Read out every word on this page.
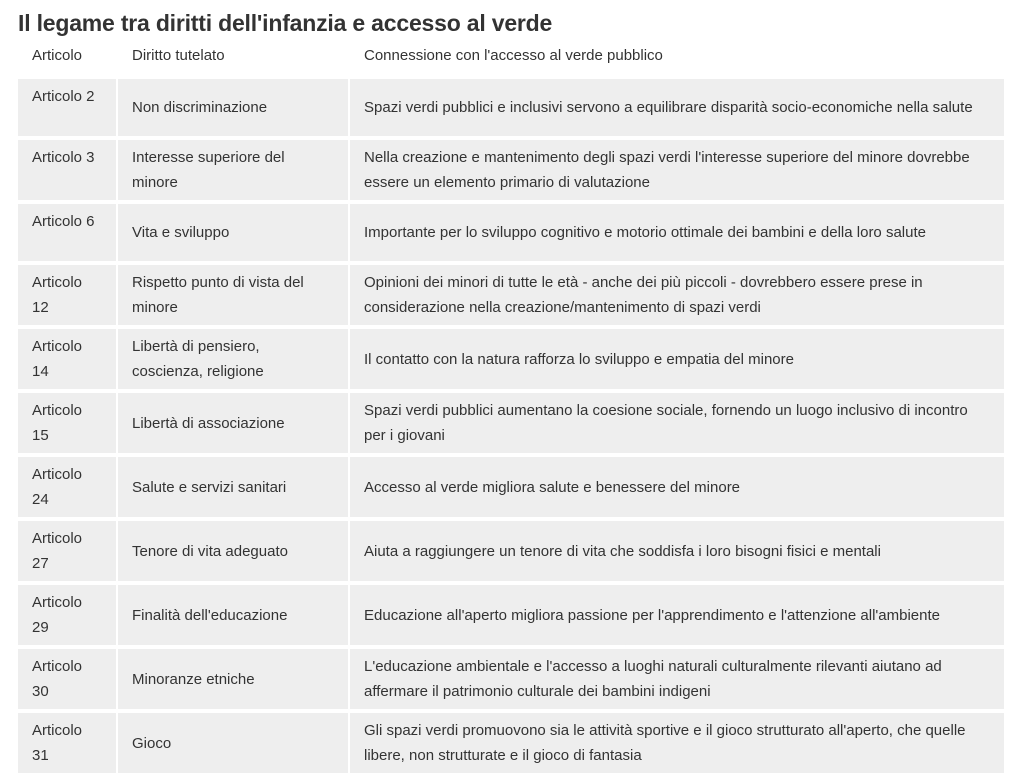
Il legame tra diritti dell'infanzia e accesso al verde
Articolo	Diritto tutelato	Connessione con l'accesso al verde pubblico
Articolo 2	Non discriminazione	Spazi verdi pubblici e inclusivi servono a equilibrare disparità socio-economiche nella salute
Articolo 3	Interesse superiore del minore	Nella creazione e mantenimento degli spazi verdi l'interesse superiore del minore dovrebbe essere un elemento primario di valutazione
Articolo 6	Vita e sviluppo	Importante per lo sviluppo cognitivo e motorio ottimale dei bambini e della loro salute
Articolo 12	Rispetto punto di vista del minore	Opinioni dei minori di tutte le età - anche dei più piccoli - dovrebbero essere prese in considerazione nella creazione/mantenimento di spazi verdi
Articolo 14	Libertà di pensiero, coscienza, religione	Il contatto con la natura rafforza lo sviluppo e empatia del minore
Articolo 15	Libertà di associazione	Spazi verdi pubblici aumentano la coesione sociale, fornendo un luogo inclusivo di incontro per i giovani
Articolo 24	Salute e servizi sanitari	Accesso al verde migliora salute e benessere del minore
Articolo 27	Tenore di vita adeguato	Aiuta a raggiungere un tenore di vita che soddisfa i loro bisogni fisici e mentali
Articolo 29	Finalità dell'educazione	Educazione all'aperto migliora passione per l'apprendimento e l'attenzione all'ambiente
Articolo 30	Minoranze etniche	L'educazione ambientale e l'accesso a luoghi naturali culturalmente rilevanti aiutano ad affermare il patrimonio culturale dei bambini indigeni
Articolo 31	Gioco	Gli spazi verdi promuovono sia le attività sportive e il gioco strutturato all'aperto, che quelle libere, non strutturate e il gioco di fantasia
